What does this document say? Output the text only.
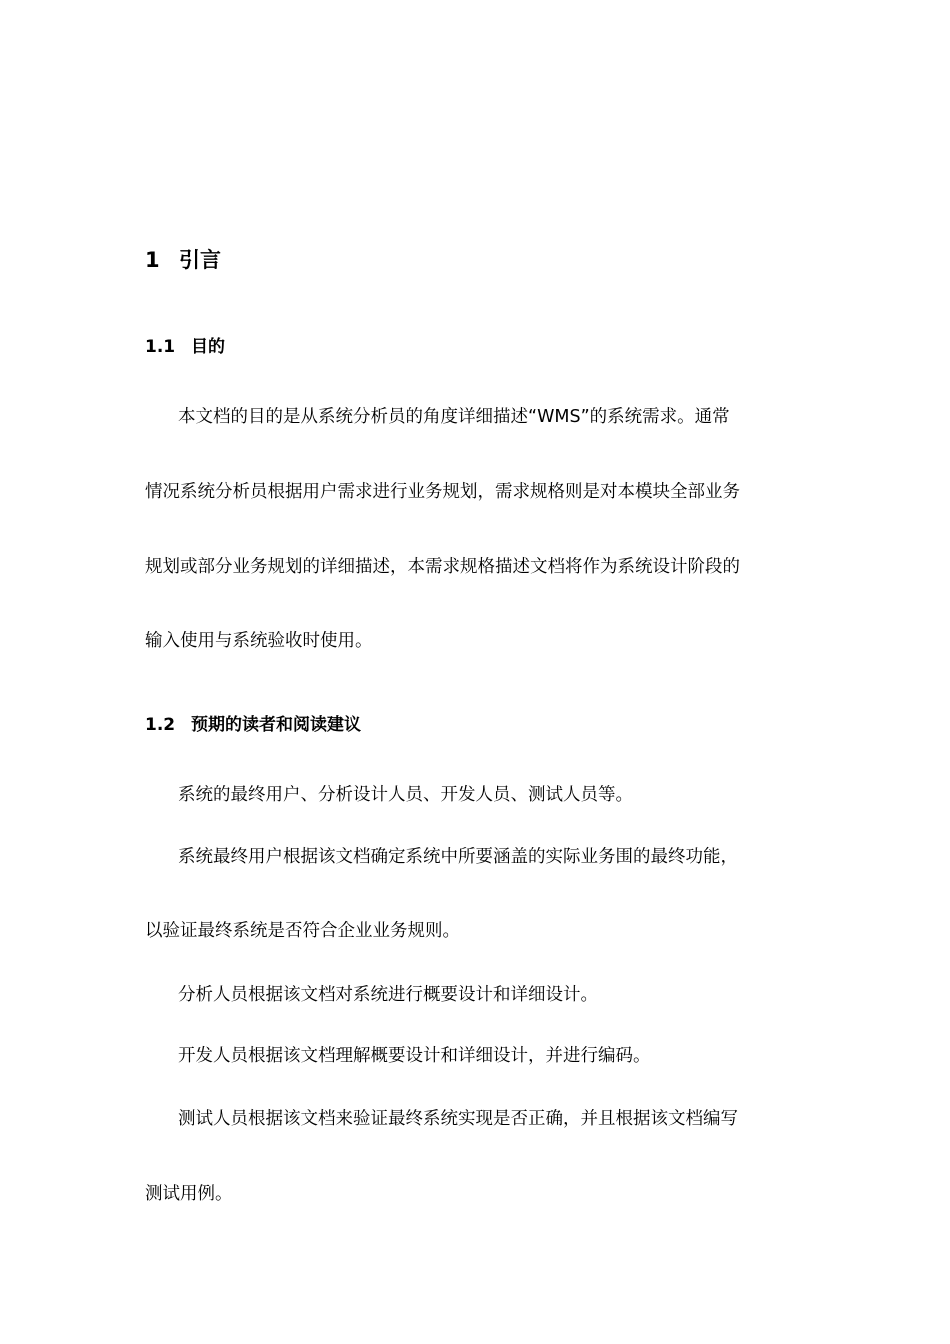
1 引言
1.1 目的
本文档的目的是从系统分析员的角度详细描述“WMS”的系统需求。通常
情况系统分析员根据用户需求进行业务规划，需求规格则是对本模块全部业务
规划或部分业务规划的详细描述，本需求规格描述文档将作为系统设计阶段的
输入使用与系统验收时使用。
1.2 预期的读者和阅读建议
系统的最终用户、分析设计人员、开发人员、测试人员等。
系统最终用户根据该文档确定系统中所要涵盖的实际业务围的最终功能，
以验证最终系统是否符合企业业务规则。
分析人员根据该文档对系统进行概要设计和详细设计。
开发人员根据该文档理解概要设计和详细设计，并进行编码。
测试人员根据该文档来验证最终系统实现是否正确，并且根据该文档编写
测试用例。
